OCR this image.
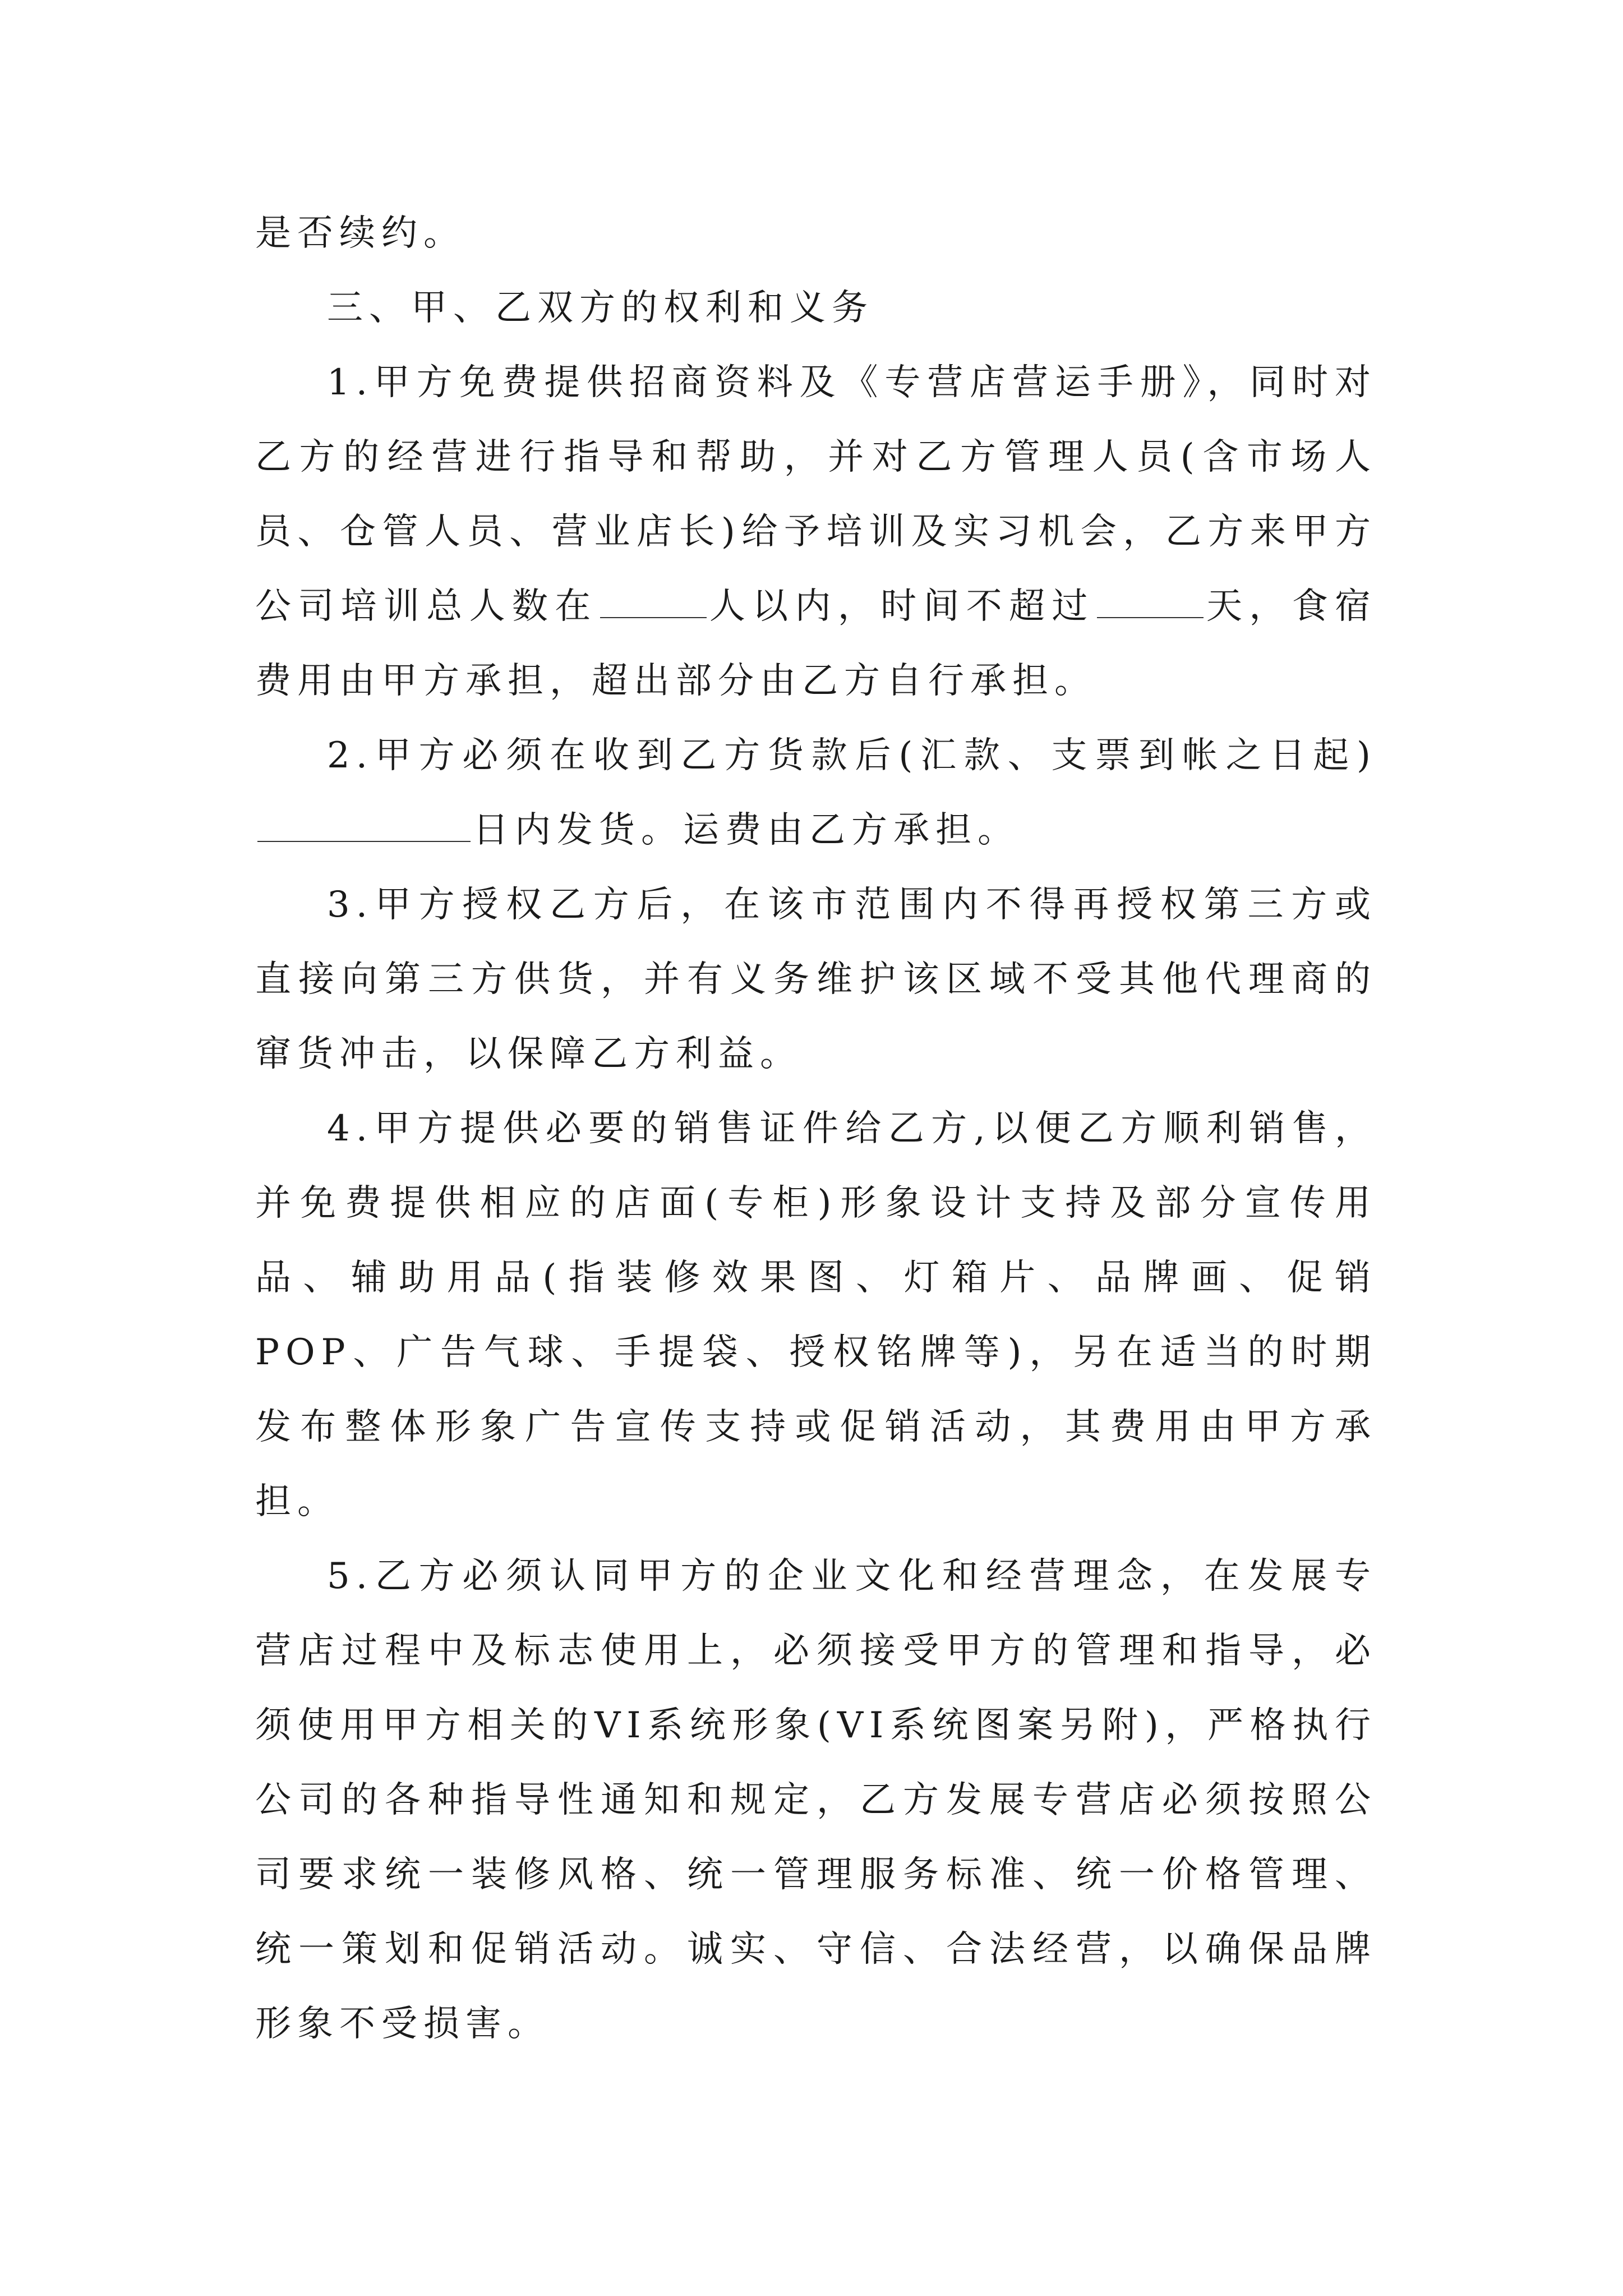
是否续约。

三、甲、乙双方的权利和义务

1.甲方免费提供招商资料及《专营店营运手册》，同时对乙方的经营进行指导和帮助，并对乙方管理人员(含市场人员、仓管人员、营业店长)给予培训及实习机会，乙方来甲方公司培训总人数在	人以内，时间不超过	天，食宿费用由甲方承担，超出部分由乙方自行承担。

2.甲方必须在收到乙方货款后(汇款、支票到帐之日起)日内发货。运费由乙方承担。

3.甲方授权乙方后，在该市范围内不得再授权第三方或直接向第三方供货，并有义务维护该区域不受其他代理商的窜货冲击，以保障乙方利益。

4.甲方提供必要的销售证件给乙方,以便乙方顺利销售，并免费提供相应的店面(专柜)形象设计支持及部分宣传用品、辅助用品(指装修效果图、灯箱片、品牌画、促销POP、广告气球、手提袋、授权铭牌等)，另在适当的时期发布整体形象广告宣传支持或促销活动，其费用由甲方承担。

5.乙方必须认同甲方的企业文化和经营理念，在发展专营店过程中及标志使用上，必须接受甲方的管理和指导，必须使用甲方相关的VI系统形象(VI系统图案另附)，严格执行公司的各种指导性通知和规定，乙方发展专营店必须按照公司要求统一装修风格、统一管理服务标准、统一价格管理、统一策划和促销活动。诚实、守信、合法经营，以确保品牌形象不受损害。
